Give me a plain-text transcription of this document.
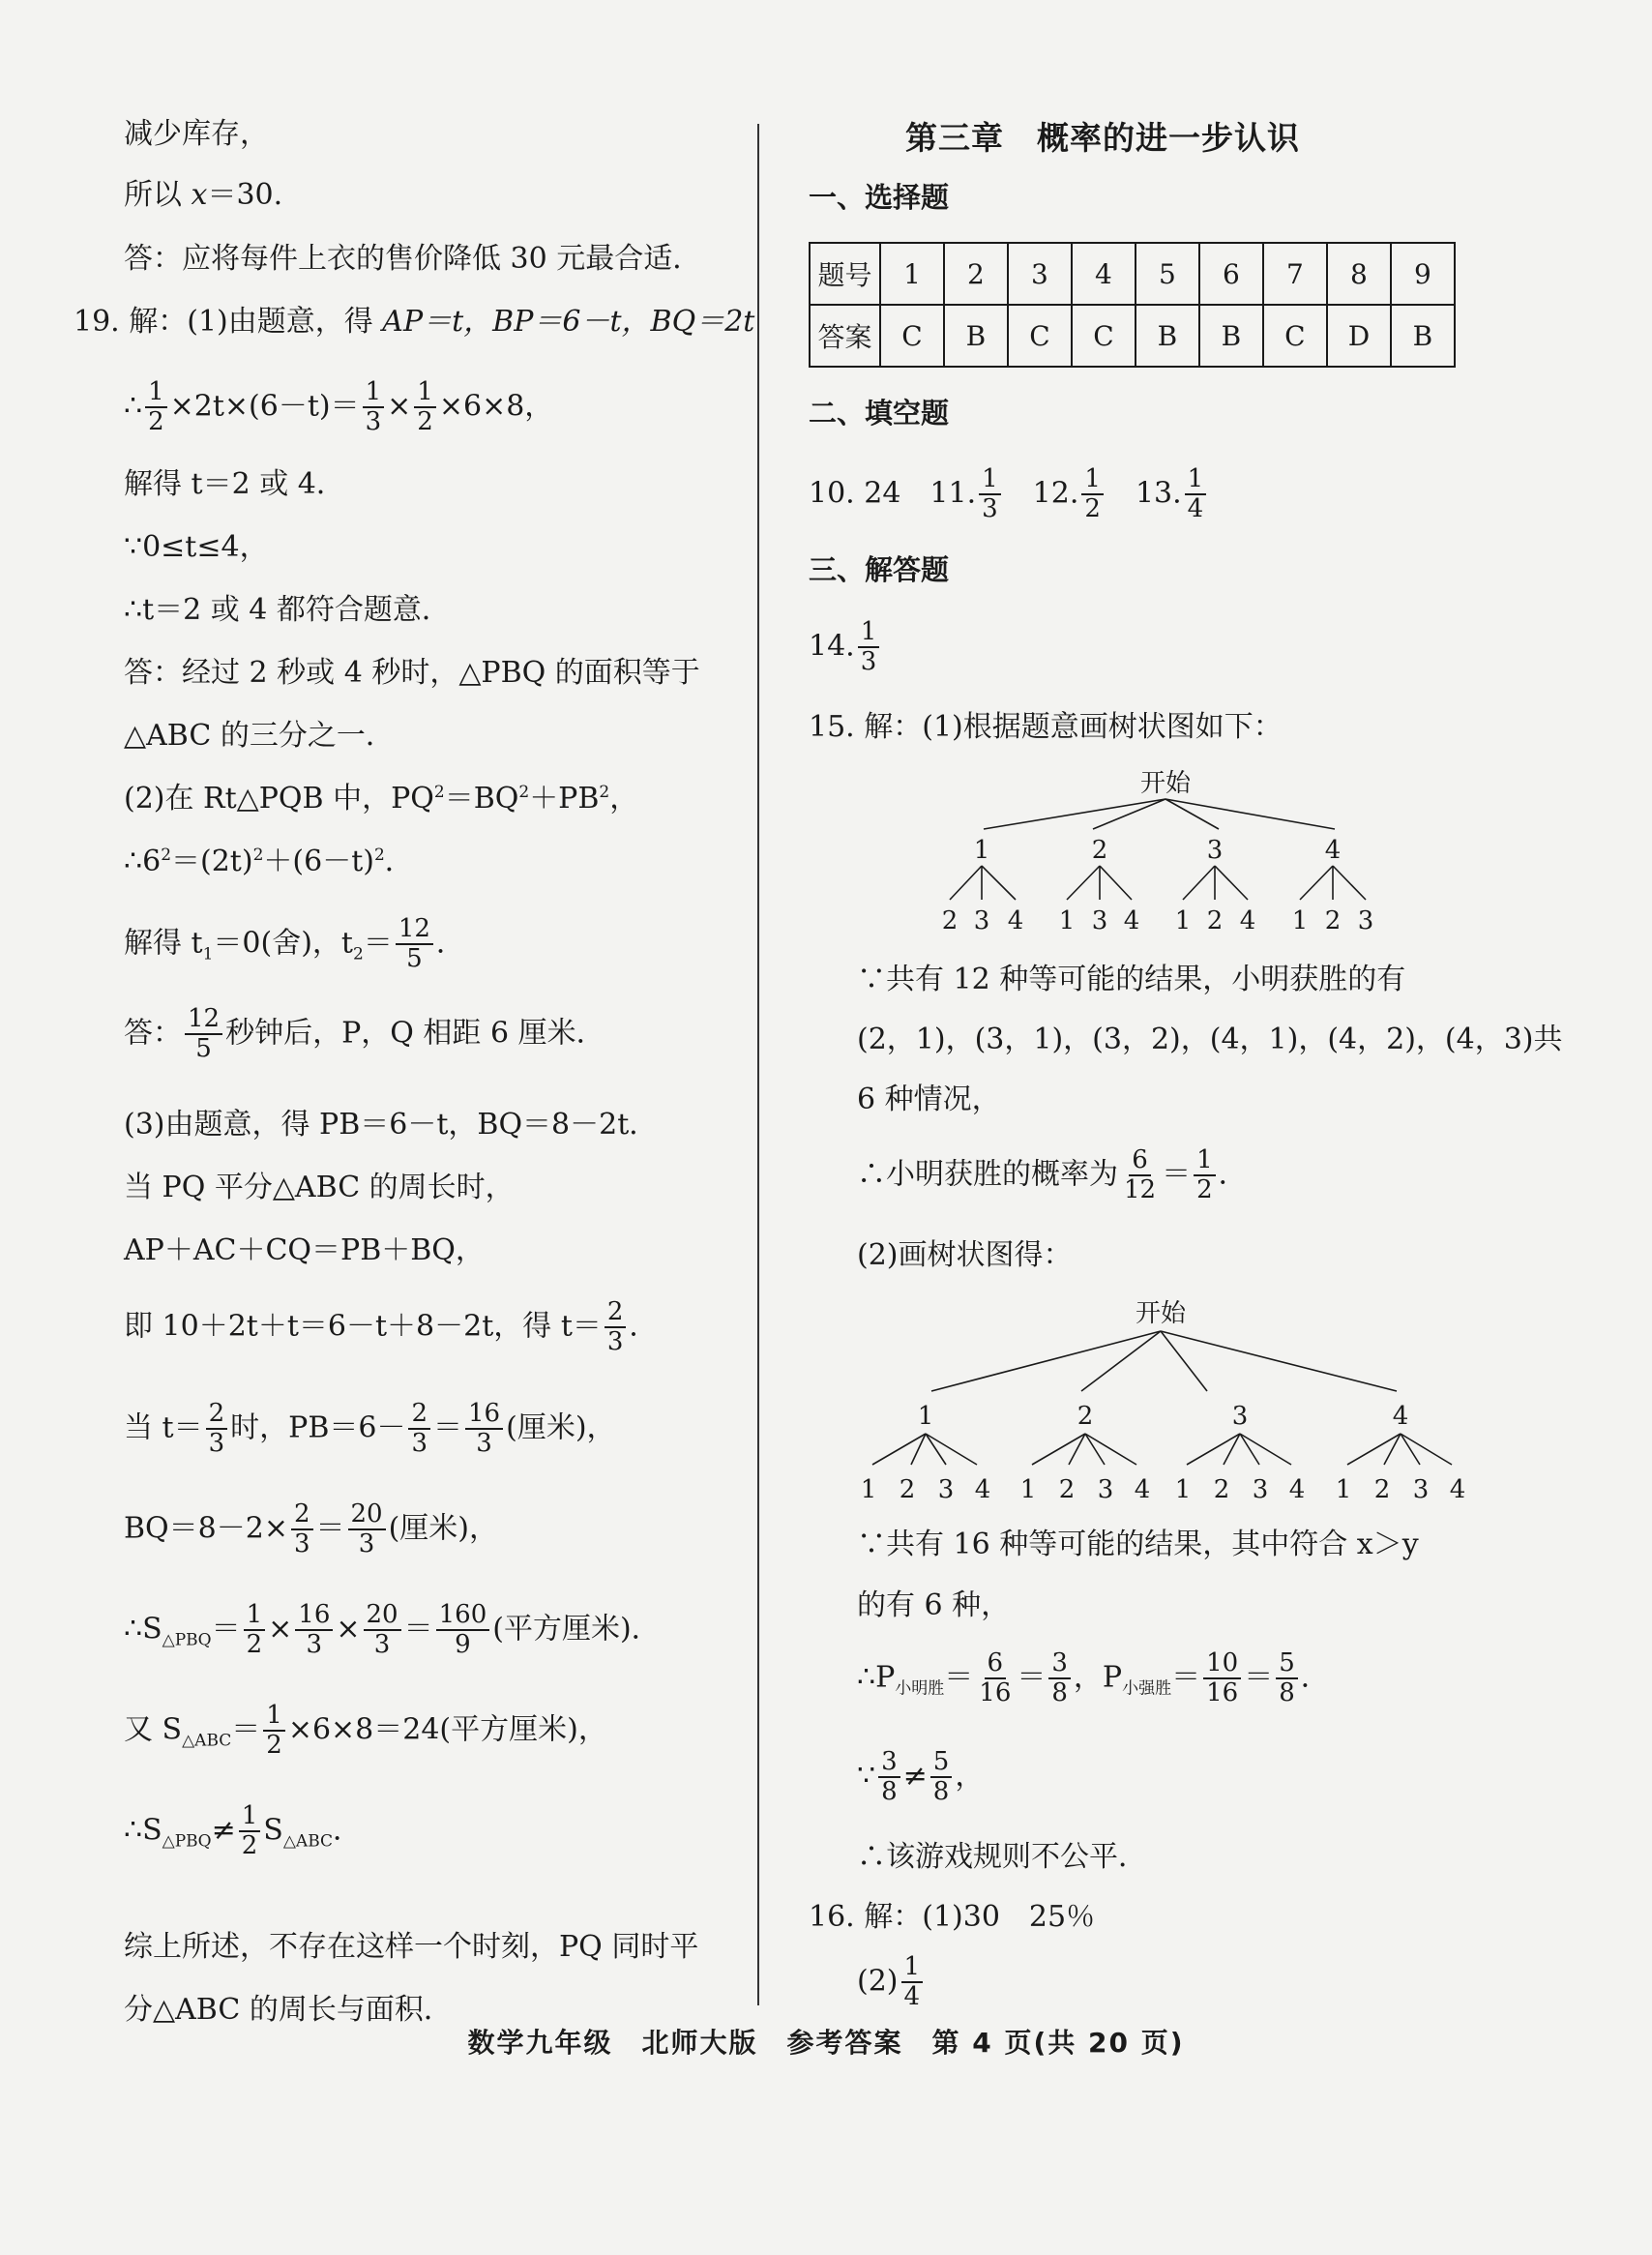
减少库存，
所以 x＝30.
答：应将每件上衣的售价降低 30 元最合适．
19. 解：(1)由题意，得 AP＝t，BP＝6－t，BQ＝2t
∴ $\frac{1}{2} \times 2t\times(6-t)= \frac{1}{3} \times \frac{1}{2} \times 6\times 8$，
解得 t＝2 或 4．
∵0≤t≤4，
∴t＝2 或 4 都符合题意．
答：经过 2 秒或 4 秒时，△PBQ 的面积等于
△ABC 的三分之一．
(2)在 Rt△PQB 中，$PQ^2=BQ^2+PB^2$，
$\therefore 6^2=(2t)^2+(6-t)^2$．
解得 $t_1=0$(舍)，$t_2= \frac{12}{5}$ ．
答： $\frac{12}{5}$ 秒钟后，P，Q 相距 6 厘米．
(3)由题意，得 PB＝6－t，BQ＝8－2t．
当 PQ 平分△ABC 的周长时，
AP＋AC＋CQ＝PB＋BQ，
即 10＋2t＋t＝6－t＋8－2t，得 $t= \frac{2}{3}$ ．
当 $t= \frac{2}{3}$ 时，$PB=6- \frac{2}{3} = \frac{16}{3}$ (厘米)，
$BQ=8-2\times \frac{2}{3} = \frac{20}{3}$ (厘米)，
$\therefore S_{\triangle PBQ}= \frac{1}{2} \times \frac{16}{3} \times \frac{20}{3} = \frac{160}{9}$ (平方厘米)．
又 $S_{\triangle ABC}= \frac{1}{2} \times 6\times 8=24$(平方厘米)，
$\therefore S_{\triangle PBQ}\ne \frac{1}{2} S_{\triangle ABC}$．
综上所述，不存在这样一个时刻，PQ 同时平
分△ABC 的周长与面积．
第三章　概率的进一步认识
一、选择题
题号	1	2	3	4	5	6	7	8	9
答案	C	B	C	C	B	B	C	D	B
二、填空题
10. 24　11. $\frac{1}{3}$ 　12. $\frac{1}{2}$ 　13. $\frac{1}{4}$
三、解答题
14. $\frac{1}{3}$
15. 解：(1)根据题意画树状图如下：
开始
1	2	3	4
2 3 4 1 3 4 1 2 4 1 2 3
∵共有 12 种等可能的结果，小明获胜的有
(2，1)，(3，1)，(3，2)，(4，1)，(4，2)，(4，3)共
6 种情况，
∴小明获胜的概率为 $\frac{6}{12} = \frac{1}{2}$ ．
(2)画树状图得：
开始
1	2	3	4
1 2 3 4 1 2 3 4 1 2 3 4 1 2 3 4
∵共有 16 种等可能的结果，其中符合 x＞y
的有 6 种，
$\therefore P_{小明胜}= \frac{6}{16} = \frac{3}{8}$ ，$P_{小强胜}= \frac{10}{16} = \frac{5}{8}$ ．
∵ $\frac{3}{8} \ne \frac{5}{8}$ ，
∴该游戏规则不公平．
16. 解：(1)30　25％
$(2) \frac{1}{4}$
数学九年级　北师大版　参考答案　第 4 页(共 20 页)
